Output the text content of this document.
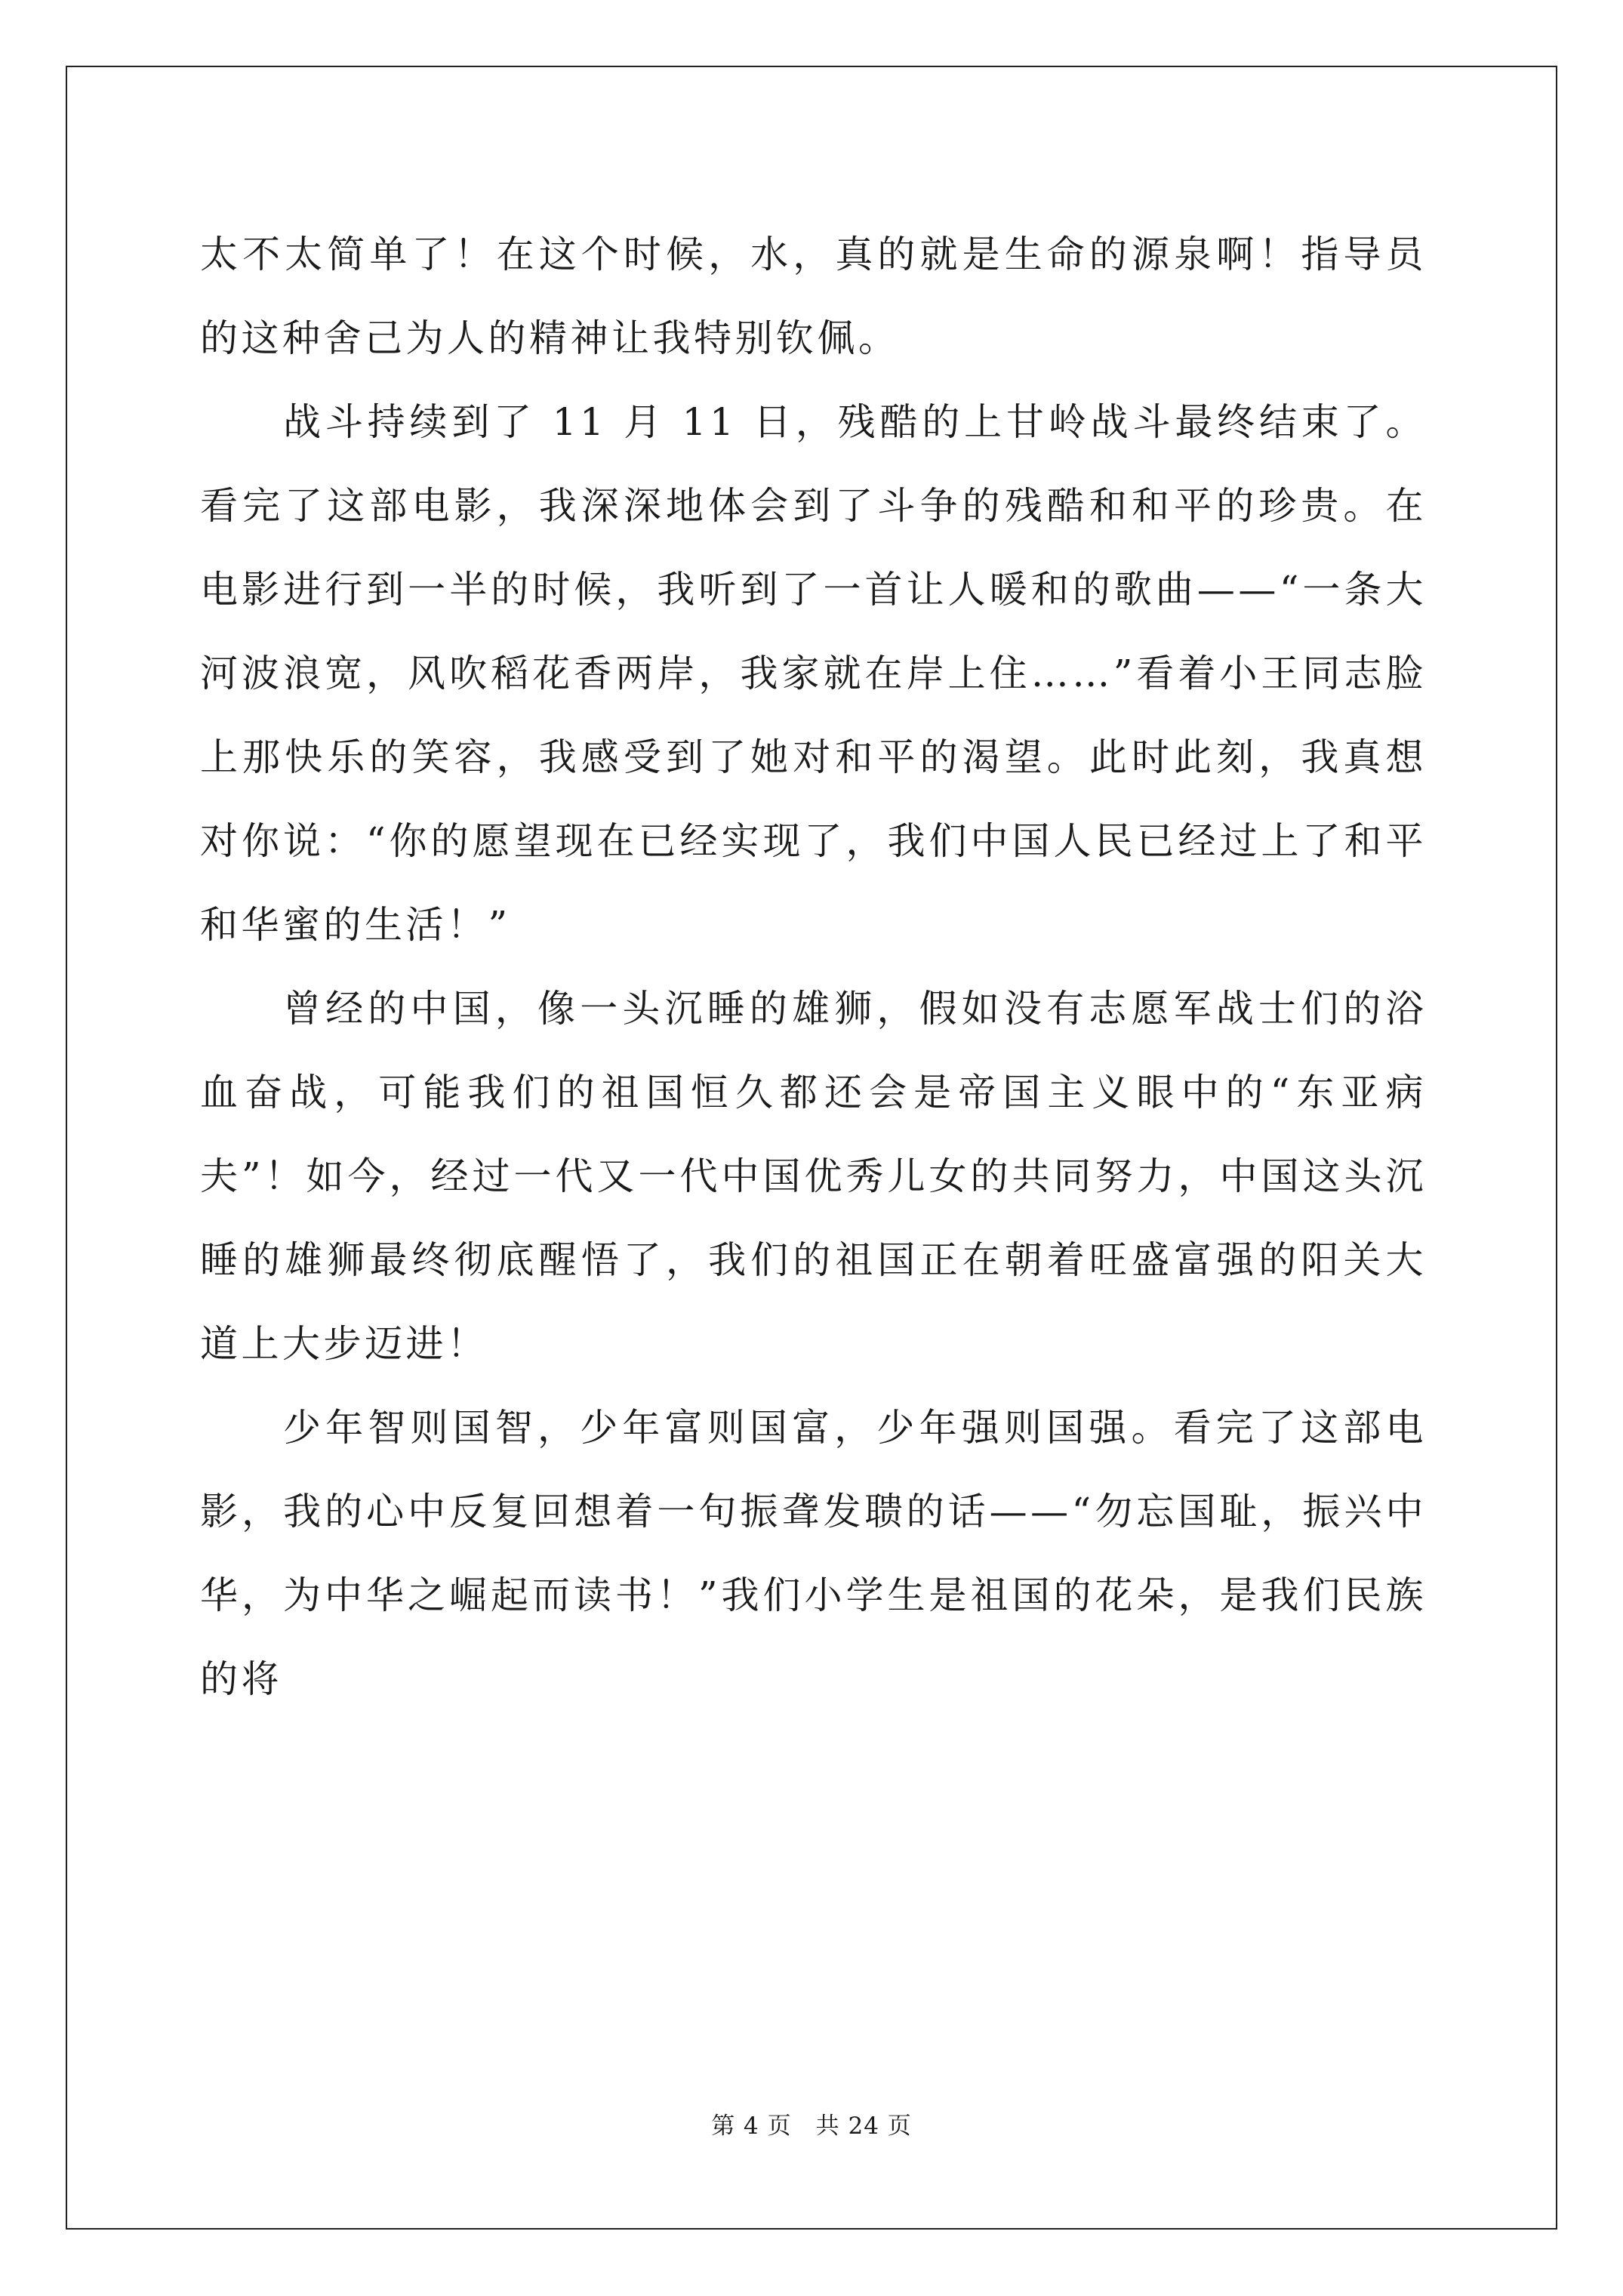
太不太简单了！在这个时候，水，真的就是生命的源泉啊！指导员的这种舍己为人的精神让我特别钦佩。

战斗持续到了 11 月 11 日，残酷的上甘岭战斗最终结束了。看完了这部电影，我深深地体会到了斗争的残酷和和平的珍贵。在电影进行到一半的时候，我听到了一首让人暖和的歌曲——“一条大河波浪宽，风吹稻花香两岸，我家就在岸上住……”看着小王同志脸上那快乐的笑容，我感受到了她对和平的渴望。此时此刻，我真想对你说：“你的愿望现在已经实现了，我们中国人民已经过上了和平和华蜜的生活！”

曾经的中国，像一头沉睡的雄狮，假如没有志愿军战士们的浴血奋战，可能我们的祖国恒久都还会是帝国主义眼中的“东亚病夫”！如今，经过一代又一代中国优秀儿女的共同努力，中国这头沉睡的雄狮最终彻底醒悟了，我们的祖国正在朝着旺盛富强的阳关大道上大步迈进！

少年智则国智，少年富则国富，少年强则国强。看完了这部电影，我的心中反复回想着一句振聋发聩的话——“勿忘国耻，振兴中华，为中华之崛起而读书！”我们小学生是祖国的花朵，是我们民族的将

第 4 页　共 24 页
